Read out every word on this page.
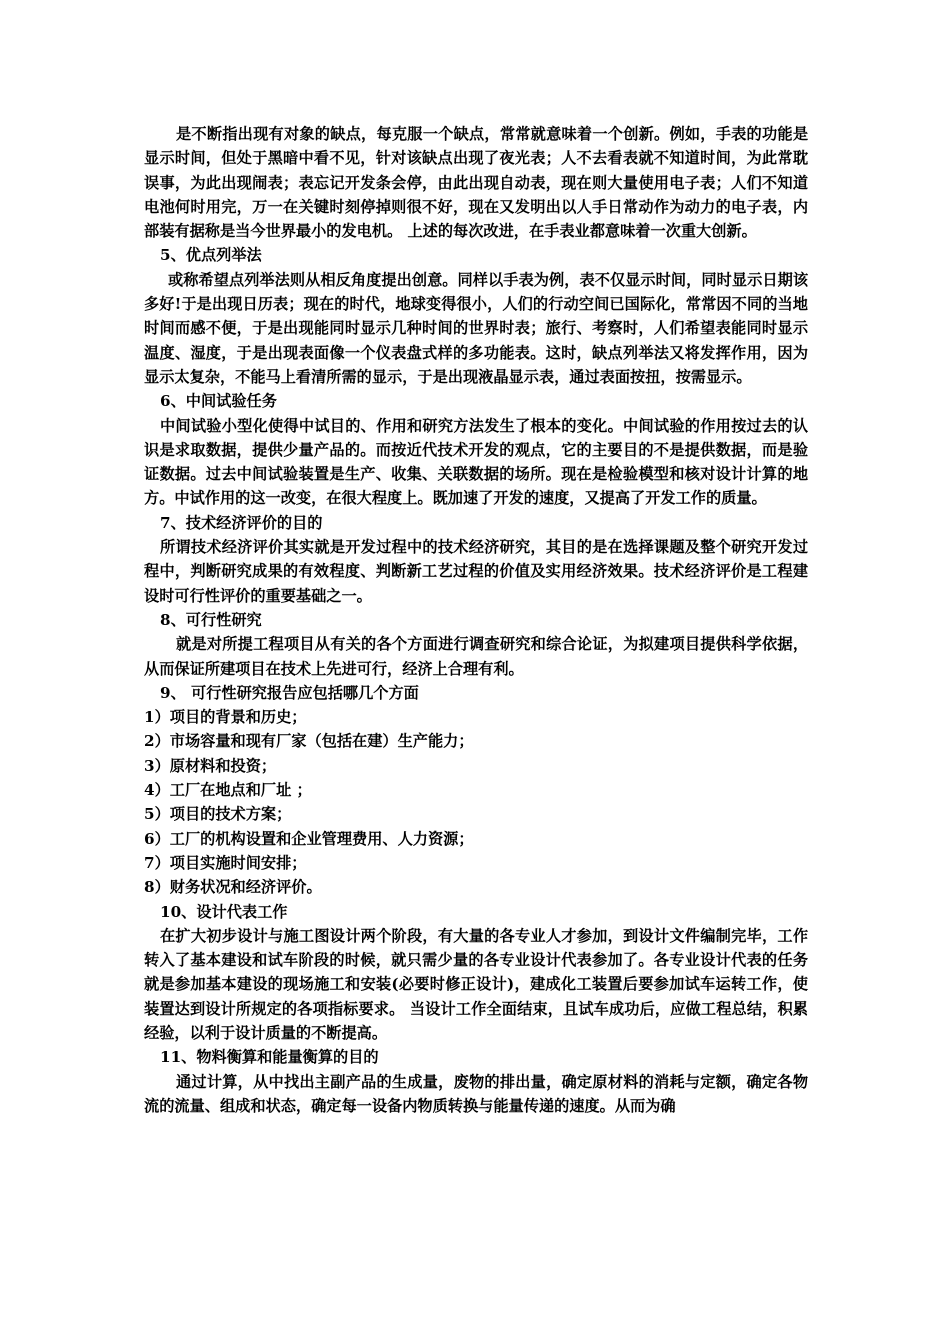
是不断指出现有对象的缺点，每克服一个缺点，常常就意味着一个创新。例如，手表的功能是显示时间，但处于黑暗中看不见，针对该缺点出现了夜光表；人不去看表就不知道时间，为此常耽误事，为此出现闹表；表忘记开发条会停，由此出现自动表，现在则大量使用电子表；人们不知道电池何时用完，万一在关键时刻停掉则很不好，现在又发明出以人手日常动作为动力的电子表，内部装有据称是当今世界最小的发电机。 上述的每次改进，在手表业都意味着一次重大创新。

5、优点列举法

或称希望点列举法则从相反角度提出创意。同样以手表为例，表不仅显示时间，同时显示日期该多好!于是出现日历表；现在的时代，地球变得很小，人们的行动空间已国际化，常常因不同的当地时间而感不便，于是出现能同时显示几种时间的世界时表；旅行、考察时，人们希望表能同时显示温度、湿度，于是出现表面像一个仪表盘式样的多功能表。这时，缺点列举法又将发挥作用，因为显示太复杂，不能马上看清所需的显示，于是出现液晶显示表，通过表面按扭，按需显示。

6、中间试验任务

中间试验小型化使得中试目的、作用和研究方法发生了根本的变化。中间试验的作用按过去的认识是求取数据，提供少量产品的。而按近代技术开发的观点，它的主要目的不是提供数据，而是验证数据。过去中间试验装置是生产、收集、关联数据的场所。现在是检验模型和核对设计计算的地方。中试作用的这一改变，在很大程度上。既加速了开发的速度，又提高了开发工作的质量。

7、技术经济评价的目的

所谓技术经济评价其实就是开发过程中的技术经济研究，其目的是在选择课题及整个研究开发过程中，判断研究成果的有效程度、判断新工艺过程的价值及实用经济效果。技术经济评价是工程建设时可行性评价的重要基础之一。

8、可行性研究

就是对所提工程项目从有关的各个方面进行调查研究和综合论证，为拟建项目提供科学依据，从而保证所建项目在技术上先进可行，经济上合理有利。

9、 可行性研究报告应包括哪几个方面

1）项目的背景和历史；

2）市场容量和现有厂家（包括在建）生产能力；

3）原材料和投资；

4）工厂在地点和厂址 ；

5）项目的技术方案；

6）工厂的机构设置和企业管理费用、人力资源；

7）项目实施时间安排；

8）财务状况和经济评价。

10、设计代表工作

在扩大初步设计与施工图设计两个阶段，有大量的各专业人才参加，到设计文件编制完毕，工作转入了基本建设和试车阶段的时候，就只需少量的各专业设计代表参加了。各专业设计代表的任务就是参加基本建设的现场施工和安装(必要时修正设计)，建成化工装置后要参加试车运转工作，使装置达到设计所规定的各项指标要求。 当设计工作全面结束，且试车成功后，应做工程总结，积累经验，以利于设计质量的不断提高。

11、物料衡算和能量衡算的目的

通过计算，从中找出主副产品的生成量，废物的排出量，确定原材料的消耗与定额，确定各物流的流量、组成和状态，确定每一设备内物质转换与能量传递的速度。从而为确
